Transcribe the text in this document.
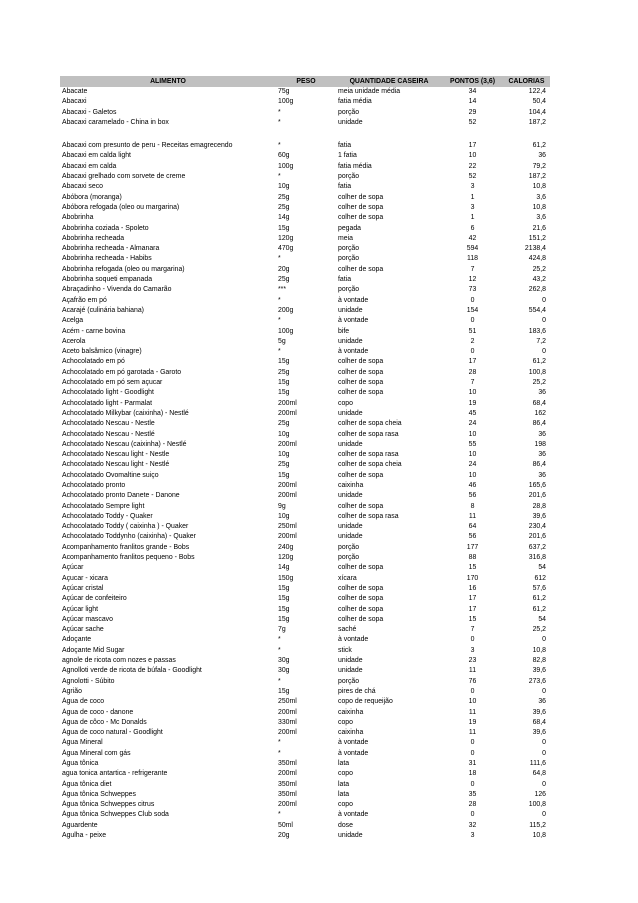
ALIMENTO	PESO	QUANTIDADE CASEIRA	PONTOS (3,6)	CALORIAS
Abacate	75g	meia unidade média	34	122,4
Abacaxi	100g	fatia média	14	50,4
Abacaxi - Galetos	*	porção	29	104,4
Abacaxi caramelado - China in box	*	unidade	52	187,2

Abacaxi com presunto de peru - Receitas emagrecendo	*	fatia	17	61,2
Abacaxi em calda light	60g	1 fatia	10	36
Abacaxi em calda	100g	fatia média	22	79,2
Abacaxi grelhado com sorvete de creme	*	porção	52	187,2
Abacaxi seco	10g	fatia	3	10,8
Abóbora (moranga)	25g	colher de sopa	1	3,6
Abóbora refogada (oleo ou margarina)	25g	colher de sopa	3	10,8
Abobrinha	14g	colher de sopa	1	3,6
Abobrinha coziada - Spoleto	15g	pegada	6	21,6
Abobrinha recheada	120g	meia	42	151,2
Abobrinha recheada - Almanara	470g	porção	594	2138,4
Abobrinha recheada - Habibs	*	porção	118	424,8
Abobrinha refogada (oleo ou margarina)	20g	colher de sopa	7	25,2
Abobrinha soqueti empanada	25g	fatia	12	43,2
Abraçadinho - Vivenda do Camarão	***	porção	73	262,8
Açafrão em pó	*	à vontade	0	0
Acarajé (culinária bahiana)	200g	unidade	154	554,4
Acelga	*	à vontade	0	0
Acém - carne bovina	100g	bife	51	183,6
Acerola	5g	unidade	2	7,2
Aceto balsâmico (vinagre)	*	à vontade	0	0
Achocolatado em pó	15g	colher de sopa	17	61,2
Achocolatado em pó garotada - Garoto	25g	colher de sopa	28	100,8
Achocolatado em pó sem açucar	15g	colher de sopa	7	25,2
Achocolatado light - Goodlight	15g	colher de sopa	10	36
Achocolatado light - Parmalat	200ml	copo	19	68,4
Achocolatado Milkybar (caixinha) - Nestlé	200ml	unidade	45	162
Achocolatado Nescau - Nestle	25g	colher de sopa cheia	24	86,4
Achocolatado Nescau - Nestlé	10g	colher de sopa rasa	10	36
Achocolatado Nescau (caixinha) - Nestlé	200ml	unidade	55	198
Achocolatado Nescau light - Nestle	10g	colher de sopa rasa	10	36
Achocolatado Nescau light - Nestlé	25g	colher de sopa cheia	24	86,4
Achocolatado Ovomaltine suiço	15g	colher de sopa	10	36
Achocolatado pronto	200ml	caixinha	46	165,6
Achocolatado pronto Danete - Danone	200ml	unidade	56	201,6
Achocolatado Sempre light	9g	colher de sopa	8	28,8
Achocolatado Toddy - Quaker	10g	colher de sopa rasa	11	39,6
Achocolatado Toddy ( caixinha ) - Quaker	250ml	unidade	64	230,4
Achocolatado Toddynho (caixinha) - Quaker	200ml	unidade	56	201,6
Acompanhamento franlitos grande - Bobs	240g	porção	177	637,2
Acompanhamento franlitos pequeno - Bobs	120g	porção	88	316,8
Açúcar	14g	colher de sopa	15	54
Açucar - xicara	150g	xícara	170	612
Açúcar cristal	15g	colher de sopa	16	57,6
Açúcar de confeiteiro	15g	colher de sopa	17	61,2
Açúcar light	15g	colher de sopa	17	61,2
Açúcar mascavo	15g	colher de sopa	15	54
Açúcar sache	7g	saché	7	25,2
Adoçante	*	à vontade	0	0
Adoçante Mid Sugar	*	stick	3	10,8
agnole de ricota com nozes e passas	30g	unidade	23	82,8
Agnolloti verde de ricota de búfala - Goodlight	30g	unidade	11	39,6
Agnolotti - Súbito	*	porção	76	273,6
Agrião	15g	pires de chá	0	0
Água de coco	250ml	copo de requeijão	10	36
Água de coco - danone	200ml	caixinha	11	39,6
Água de côco - Mc Donalds	330ml	copo	19	68,4
Água de coco natural - Goodlight	200ml	caixinha	11	39,6
Água Mineral	*	à vontade	0	0
Água Mineral com gás	*	à vontade	0	0
Água tônica	350ml	lata	31	111,6
agua tonica antartica - refrigerante	200ml	copo	18	64,8
Água tônica diet	350ml	lata	0	0
Água tônica Schweppes	350ml	lata	35	126
Água tônica Schweppes citrus	200ml	copo	28	100,8
Água tônica Schweppes Club soda	*	à vontade	0	0
Aguardente	50ml	dose	32	115,2
Agulha - peixe	20g	unidade	3	10,8
